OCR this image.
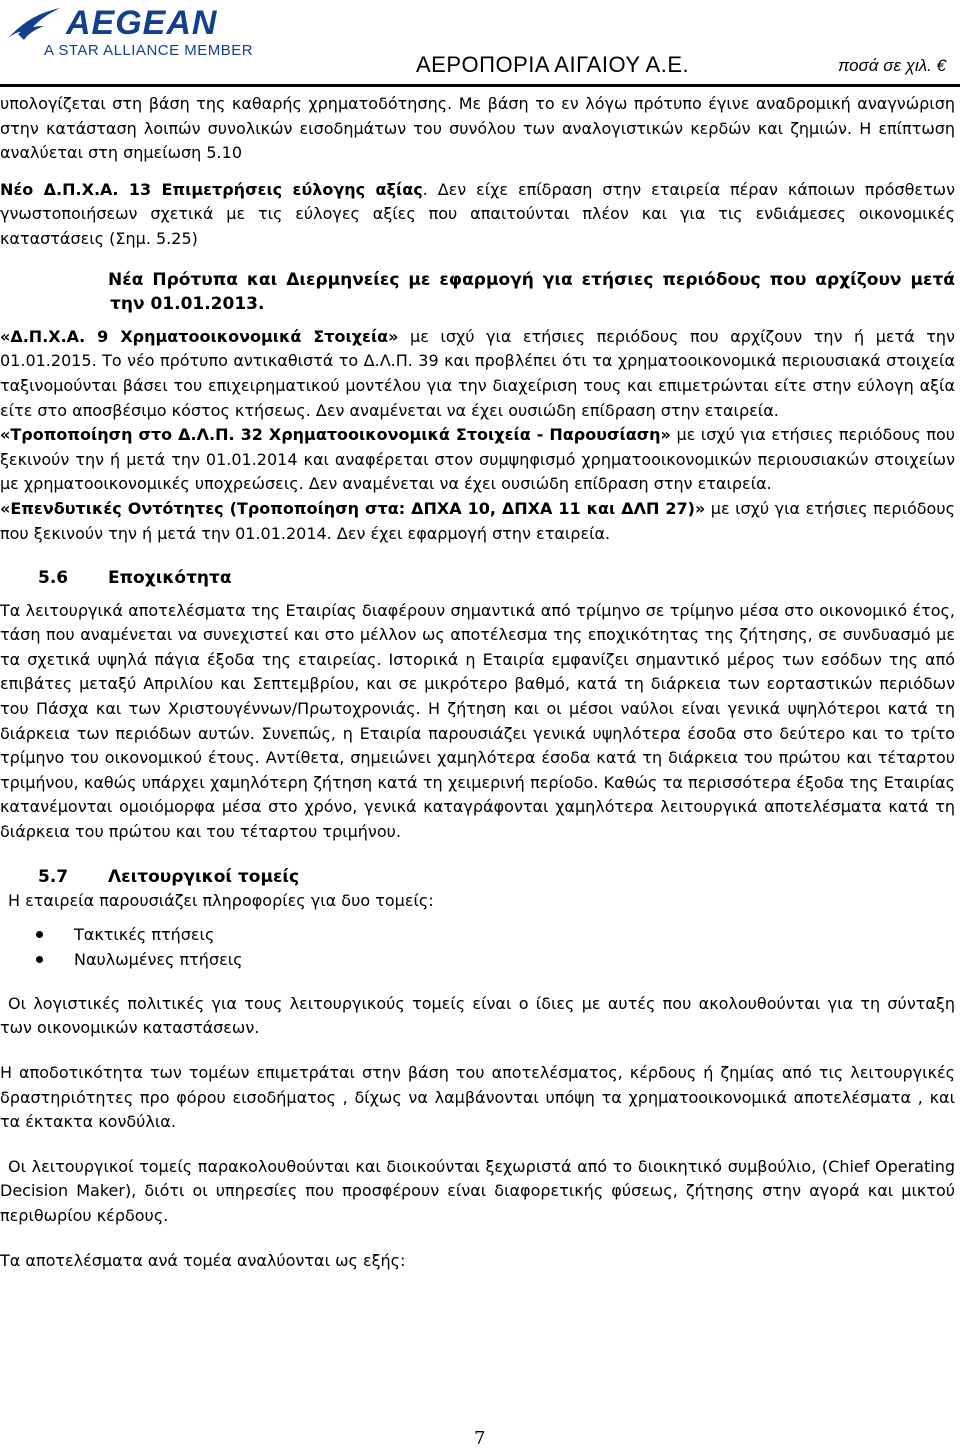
AEGEAN
A STAR ALLIANCE MEMBER
ΑΕΡΟΠΟΡΙΑ ΑΙΓΑΙΟΥ Α.Ε.	ποσά σε χιλ. €

υπολογίζεται στη βάση της καθαρής χρηματοδότησης. Με βάση το εν λόγω πρότυπο έγινε αναδρομική αναγνώριση στην κατάσταση λοιπών συνολικών εισοδημάτων του συνόλου των αναλογιστικών κερδών και ζημιών. Η επίπτωση αναλύεται στη σημείωση 5.10

Νέο Δ.Π.Χ.Α. 13 Επιμετρήσεις εύλογης αξίας. Δεν είχε επίδραση στην εταιρεία πέραν κάποιων πρόσθετων γνωστοποιήσεων σχετικά με τις εύλογες αξίες που απαιτούνται πλέον και για τις ενδιάμεσες οικονομικές καταστάσεις (Σημ. 5.25)

Νέα Πρότυπα και Διερμηνείες με εφαρμογή για ετήσιες περιόδους που αρχίζουν μετά την 01.01.2013.

«Δ.Π.Χ.Α. 9 Χρηματοοικονομικά Στοιχεία» με ισχύ για ετήσιες περιόδους που αρχίζουν την ή μετά την 01.01.2015. Το νέο πρότυπο αντικαθιστά το Δ.Λ.Π. 39 και προβλέπει ότι τα χρηματοοικονομικά περιουσιακά στοιχεία ταξινομούνται βάσει του επιχειρηματικού μοντέλου για την διαχείριση τους και επιμετρώνται είτε στην εύλογη αξία είτε στο αποσβέσιμο κόστος κτήσεως. Δεν αναμένεται να έχει ουσιώδη επίδραση στην εταιρεία.

«Τροποποίηση στο Δ.Λ.Π. 32 Χρηματοοικονομικά Στοιχεία - Παρουσίαση» με ισχύ για ετήσιες περιόδους που ξεκινούν την ή μετά την 01.01.2014 και αναφέρεται στον συμψηφισμό χρηματοοικονομικών περιουσιακών στοιχείων με χρηματοοικονομικές υποχρεώσεις. Δεν αναμένεται να έχει ουσιώδη επίδραση στην εταιρεία.

«Επενδυτικές Οντότητες (Τροποποίηση στα: ΔΠΧΑ 10, ΔΠΧΑ 11 και ΔΛΠ 27)» με ισχύ για ετήσιες περιόδους που ξεκινούν την ή μετά την 01.01.2014. Δεν έχει εφαρμογή στην εταιρεία.

5.6 Εποχικότητα

Τα λειτουργικά αποτελέσματα της Εταιρίας διαφέρουν σημαντικά από τρίμηνο σε τρίμηνο μέσα στο οικονομικό έτος, τάση που αναμένεται να συνεχιστεί και στο μέλλον ως αποτέλεσμα της εποχικότητας της ζήτησης, σε συνδυασμό με τα σχετικά υψηλά πάγια έξοδα της εταιρείας. Ιστορικά η Εταιρία εμφανίζει σημαντικό μέρος των εσόδων της από επιβάτες μεταξύ Απριλίου και Σεπτεμβρίου, και σε μικρότερο βαθμό, κατά τη διάρκεια των εορταστικών περιόδων του Πάσχα και των Χριστουγέννων/Πρωτοχρονιάς. Η ζήτηση και οι μέσοι ναύλοι είναι γενικά υψηλότεροι κατά τη διάρκεια των περιόδων αυτών. Συνεπώς, η Εταιρία παρουσιάζει γενικά υψηλότερα έσοδα στο δεύτερο και το τρίτο τρίμηνο του οικονομικού έτους. Αντίθετα, σημειώνει χαμηλότερα έσοδα κατά τη διάρκεια του πρώτου και τέταρτου τριμήνου, καθώς υπάρχει χαμηλότερη ζήτηση κατά τη χειμερινή περίοδο. Καθώς τα περισσότερα έξοδα της Εταιρίας κατανέμονται ομοιόμορφα μέσα στο χρόνο, γενικά καταγράφονται χαμηλότερα λειτουργικά αποτελέσματα κατά τη διάρκεια του πρώτου και του τέταρτου τριμήνου.

5.7 Λειτουργικοί τομείς

Η εταιρεία παρουσιάζει πληροφορίες για δυο τομείς:

Τακτικές πτήσεις
Ναυλωμένες πτήσεις

Οι λογιστικές πολιτικές για τους λειτουργικούς τομείς είναι ο ίδιες με αυτές που ακολουθούνται για τη σύνταξη των οικονομικών καταστάσεων.

Η αποδοτικότητα των τομέων επιμετράται στην βάση του αποτελέσματος, κέρδους ή ζημίας από τις λειτουργικές δραστηριότητες προ φόρου εισοδήματος , δίχως να λαμβάνονται υπόψη τα χρηματοοικονομικά αποτελέσματα , και τα έκτακτα κονδύλια.

Οι λειτουργικοί τομείς παρακολουθούνται και διοικούνται ξεχωριστά από το διοικητικό συμβούλιο, (Chief Operating Decision Maker), διότι οι υπηρεσίες που προσφέρουν είναι διαφορετικής φύσεως, ζήτησης στην αγορά και μικτού περιθωρίου κέρδους.

Τα αποτελέσματα ανά τομέα αναλύονται ως εξής:

7
